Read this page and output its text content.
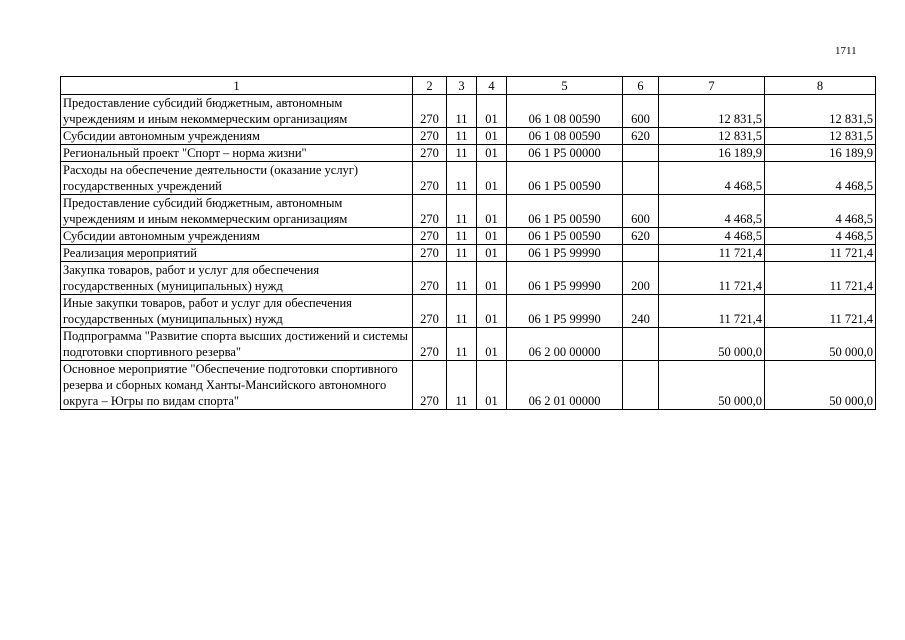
1711
1	2	3	4	5	6	7	8
Предоставление субсидий бюджетным, автономным учреждениям и иным некоммерческим организациям	270	11	01	06 1 08 00590	600	12 831,5	12 831,5
Субсидии автономным учреждениям	270	11	01	06 1 08 00590	620	12 831,5	12 831,5
Региональный проект "Спорт – норма жизни"	270	11	01	06 1 P5 00000		16 189,9	16 189,9
Расходы на обеспечение деятельности (оказание услуг) государственных учреждений	270	11	01	06 1 P5 00590		4 468,5	4 468,5
Предоставление субсидий бюджетным, автономным учреждениям и иным некоммерческим организациям	270	11	01	06 1 P5 00590	600	4 468,5	4 468,5
Субсидии автономным учреждениям	270	11	01	06 1 P5 00590	620	4 468,5	4 468,5
Реализация мероприятий	270	11	01	06 1 P5 99990		11 721,4	11 721,4
Закупка товаров, работ и услуг для обеспечения государственных (муниципальных) нужд	270	11	01	06 1 P5 99990	200	11 721,4	11 721,4
Иные закупки товаров, работ и услуг для обеспечения государственных (муниципальных) нужд	270	11	01	06 1 P5 99990	240	11 721,4	11 721,4
Подпрограмма "Развитие спорта высших достижений и системы подготовки спортивного резерва"	270	11	01	06 2 00 00000		50 000,0	50 000,0
Основное мероприятие "Обеспечение подготовки спортивного резерва и сборных команд Ханты-Мансийского автономного округа – Югры по видам спорта"	270	11	01	06 2 01 00000		50 000,0	50 000,0
